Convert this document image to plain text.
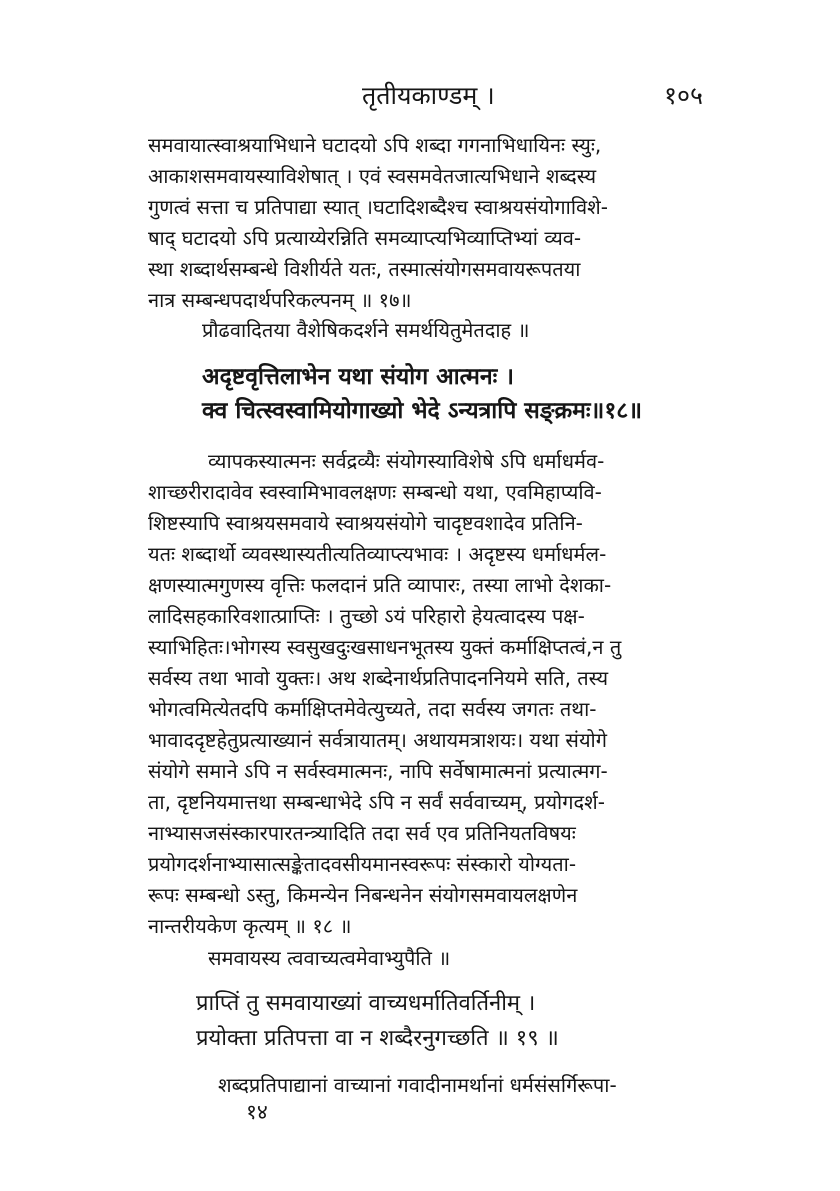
तृतीयकाण्डम् ।	१०५

समवायात्स्वाश्रयाभिधाने घटादयो ऽपि शब्दा गगनाभिधायिनः स्युः,

आकाशसमवायस्याविशेषात् । एवं स्वसमवेतजात्यभिधाने शब्दस्य

गुणत्वं सत्ता च प्रतिपाद्या स्यात् ।घटादिशब्दैश्च स्वाश्रयसंयोगाविशे-

षाद् घटादयो ऽपि प्रत्याय्येरन्निति समव्याप्त्यभिव्याप्तिभ्यां व्यव-

स्था शब्दार्थसम्बन्धे विशीर्यते यतः, तस्मात्संयोगसमवायरूपतया

नात्र सम्बन्धपदार्थपरिकल्पनम् ॥ १७॥

प्रौढवादितया वैशेषिकदर्शने समर्थयितुमेतदाह ॥

अदृष्टवृत्तिलाभेन यथा संयोग आत्मनः ।

क्व चित्स्वस्वामियोगाख्यो भेदे ऽन्यत्रापि सङ्क्रमः॥१८॥

व्यापकस्यात्मनः सर्वद्रव्यैः संयोगस्याविशेषे ऽपि धर्माधर्मव-

शाच्छरीरादावेव स्वस्वामिभावलक्षणः सम्बन्धो यथा, एवमिहाप्यवि-

शिष्टस्यापि स्वाश्रयसमवाये स्वाश्रयसंयोगे चादृष्टवशादेव प्रतिनि-

यतः शब्दार्थो व्यवस्थास्यतीत्यतिव्याप्त्यभावः । अदृष्टस्य धर्माधर्मल-

क्षणस्यात्मगुणस्य वृत्तिः फलदानं प्रति व्यापारः, तस्या लाभो देशका-

लादिसहकारिवशात्प्राप्तिः । तुच्छो ऽयं परिहारो हेयत्वादस्य पक्ष-

स्याभिहितः।भोगस्य स्वसुखदुःखसाधनभूतस्य युक्तं कर्माक्षिप्तत्वं,न तु

सर्वस्य तथा भावो युक्तः। अथ शब्देनार्थप्रतिपादननियमे सति, तस्य

भोगत्वमित्येतदपि कर्माक्षिप्तमेवेत्युच्यते, तदा सर्वस्य जगतः तथा-

भावाददृष्टहेतुप्रत्याख्यानं सर्वत्रायातम्। अथायमत्राशयः। यथा संयोगे

संयोगे समाने ऽपि न सर्वस्वमात्मनः, नापि सर्वेषामात्मनां प्रत्यात्मग-

ता, दृष्टनियमात्तथा सम्बन्धाभेदे ऽपि न सर्वं सर्ववाच्यम्, प्रयोगदर्श-

नाभ्यासजसंस्कारपारतन्त्र्यादिति तदा सर्व एव प्रतिनियतविषयः

प्रयोगदर्शनाभ्यासात्सङ्केतादवसीयमानस्वरूपः संस्कारो योग्यता-

रूपः सम्बन्धो ऽस्तु, किमन्येन निबन्धनेन संयोगसमवायलक्षणेन

नान्तरीयकेण कृत्यम् ॥ १८ ॥

समवायस्य त्ववाच्यत्वमेवाभ्युपैति ॥

प्राप्तिं तु समवायाख्यां वाच्यधर्मातिवर्तिनीम् ।

प्रयोक्ता प्रतिपत्ता वा न शब्दैरनुगच्छति ॥ १९ ॥

शब्दप्रतिपाद्यानां वाच्यानां गवादीनामर्थानां धर्मसंसर्गिरूपा-

१४
